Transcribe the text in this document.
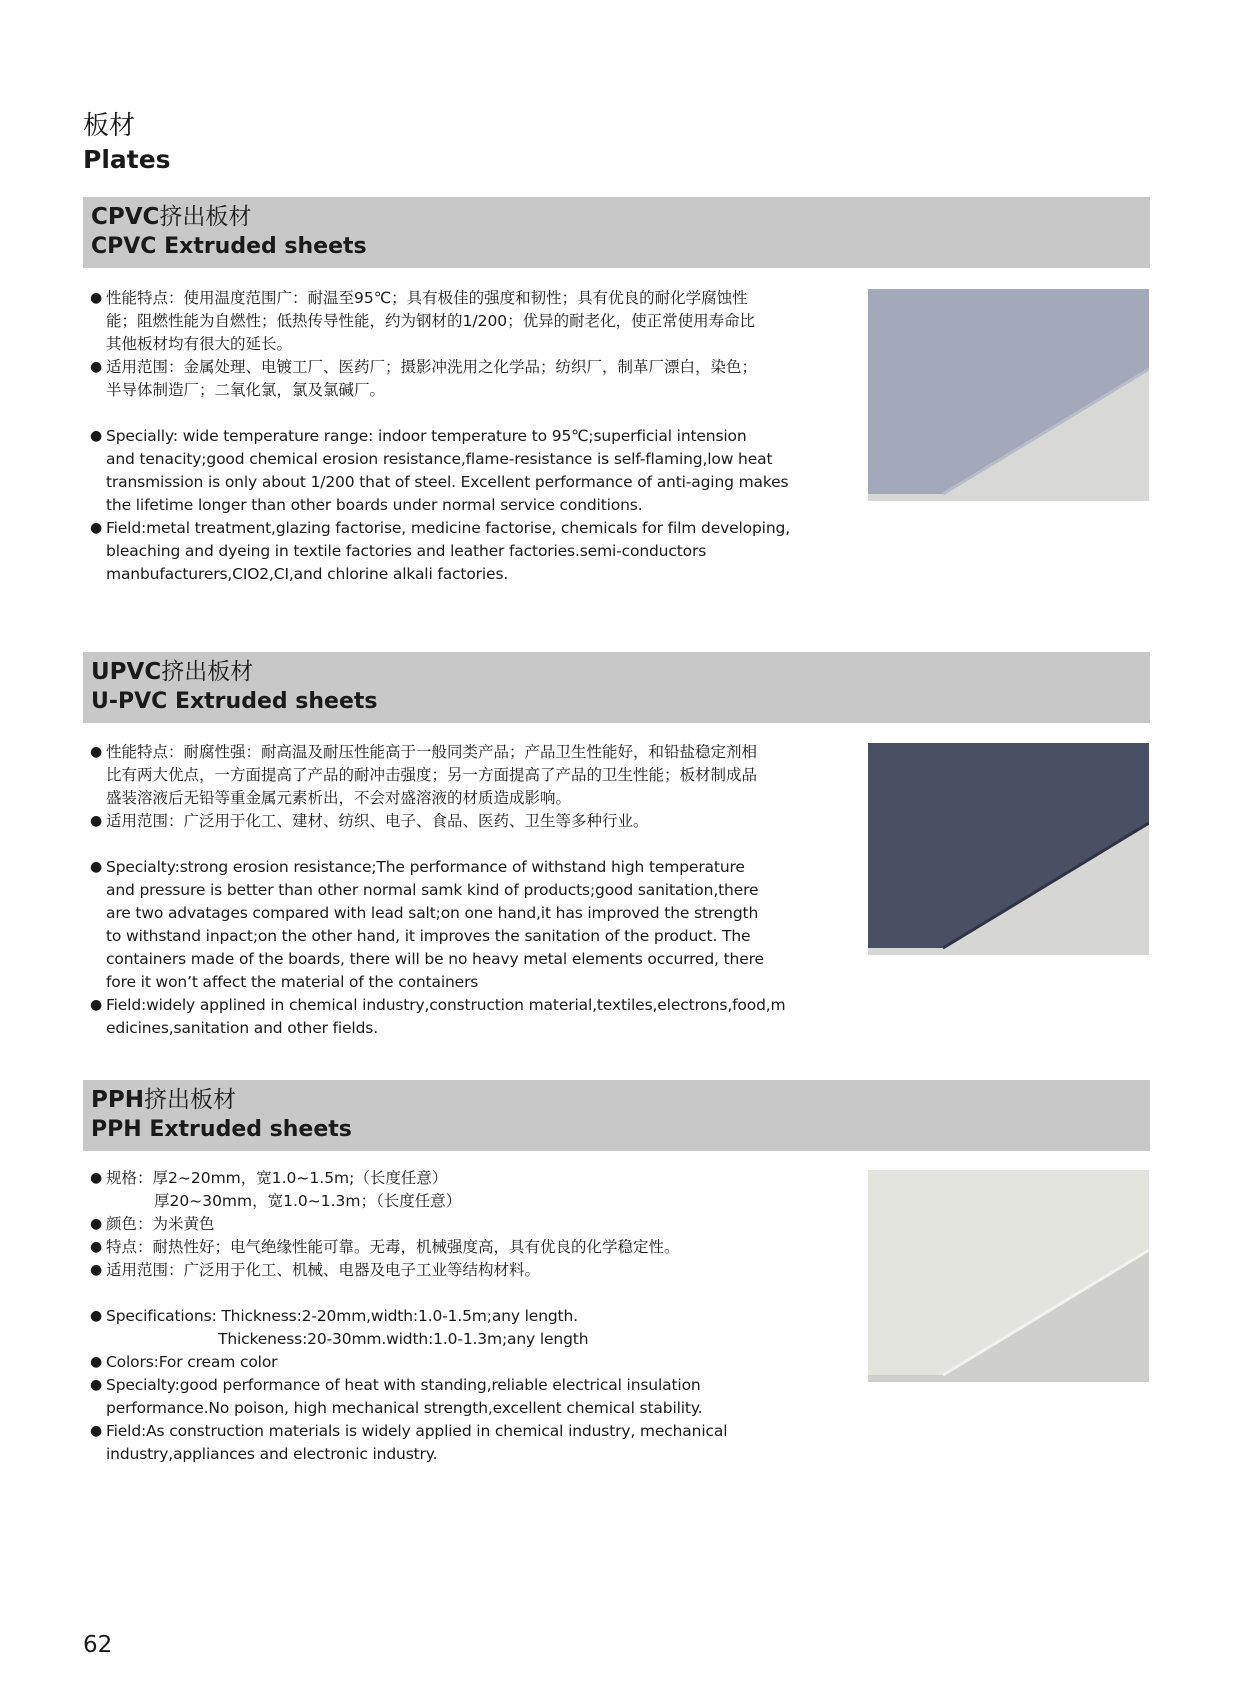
板材
Plates
CPVC挤出板材
CPVC Extruded sheets
● 性能特点：使用温度范围广：耐温至95℃；具有极佳的强度和韧性；具有优良的耐化学腐蚀性
能；阻燃性能为自燃性；低热传导性能，约为钢材的1/200；优异的耐老化，使正常使用寿命比
其他板材均有很大的延长。
● 适用范围：金属处理、电镀工厂、医药厂；摄影冲洗用之化学品；纺织厂，制革厂漂白，染色；
半导体制造厂；二氧化氯，氯及氯碱厂。
● Specially: wide temperature range: indoor temperature to 95℃;superficial intension
and tenacity;good chemical erosion resistance,flame-resistance is self-flaming,low heat
transmission is only about 1/200 that of steel. Excellent performance of anti-aging makes
the lifetime longer than other boards under normal service conditions.
● Field:metal treatment,glazing factorise, medicine factorise, chemicals for film developing,
bleaching and dyeing in textile factories and leather factories.semi-conductors
manbufacturers,CIO2,CI,and chlorine alkali factories.
UPVC挤出板材
U-PVC Extruded sheets
● 性能特点：耐腐性强：耐高温及耐压性能高于一般同类产品；产品卫生性能好，和铅盐稳定剂相
比有两大优点，一方面提高了产品的耐冲击强度；另一方面提高了产品的卫生性能；板材制成品
盛装溶液后无铅等重金属元素析出，不会对盛溶液的材质造成影响。
● 适用范围：广泛用于化工、建材、纺织、电子、食品、医药、卫生等多种行业。
● Specialty:strong erosion resistance;The performance of withstand high temperature
and pressure is better than other normal samk kind of products;good sanitation,there
are two advatages compared with lead salt;on one hand,it has improved the strength
to withstand inpact;on the other hand, it improves the sanitation of the product. The
containers made of the boards, there will be no heavy metal elements occurred, there
fore it won’t affect the material of the containers
● Field:widely applined in chemical industry,construction material,textiles,electrons,food,m
edicines,sanitation and other fields.
PPH挤出板材
PPH Extruded sheets
● 规格：厚2~20mm，宽1.0~1.5m;（长度任意）
厚20~30mm，宽1.0~1.3m；（长度任意）
● 颜色：为米黄色
● 特点：耐热性好；电气绝缘性能可靠。无毒，机械强度高，具有优良的化学稳定性。
● 适用范围：广泛用于化工、机械、电器及电子工业等结构材料。
● Specifications: Thickness:2-20mm,width:1.0-1.5m;any length.
Thickeness:20-30mm.width:1.0-1.3m;any length
● Colors:For cream color
● Specialty:good performance of heat with standing,reliable electrical insulation
performance.No poison, high mechanical strength,excellent chemical stability.
● Field:As construction materials is widely applied in chemical industry, mechanical
industry,appliances and electronic industry.
62
